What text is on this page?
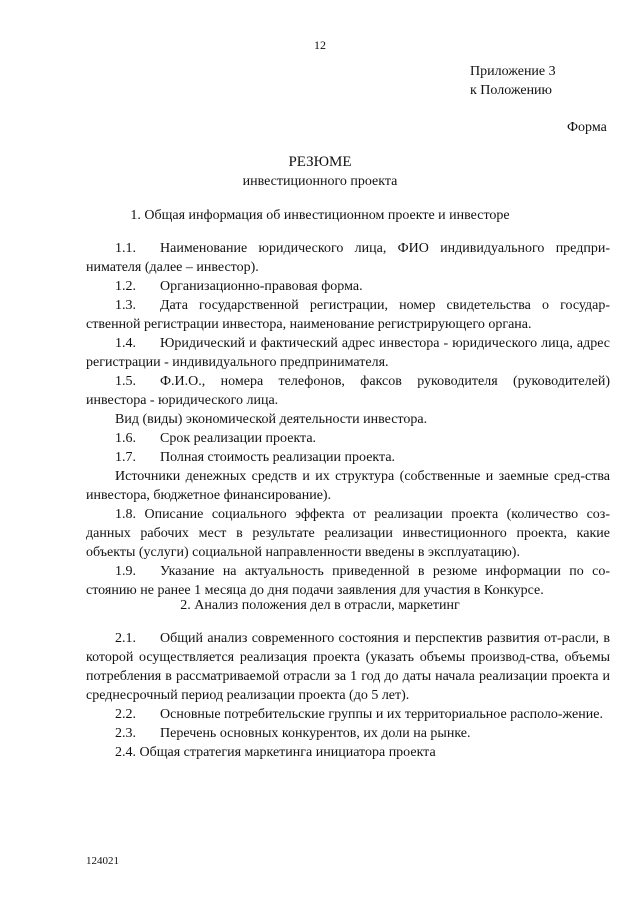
12
Приложение 3
к Положению
Форма
РЕЗЮМЕ
инвестиционного проекта
1. Общая информация об инвестиционном проекте и инвесторе

1.1. Наименование юридического лица, ФИО индивидуального предпри-нимателя (далее – инвестор).

1.2. Организационно-правовая форма.

1.3. Дата государственной регистрации, номер свидетельства о государ-ственной регистрации инвестора, наименование регистрирующего органа.

1.4. Юридический и фактический адрес инвестора - юридического лица, адрес регистрации - индивидуального предпринимателя.

1.5. Ф.И.О., номера телефонов, факсов руководителя (руководителей) инвестора - юридического лица.

Вид (виды) экономической деятельности инвестора.

1.6. Срок реализации проекта.

1.7. Полная стоимость реализации проекта.

Источники денежных средств и их структура (собственные и заемные сред-ства инвестора, бюджетное финансирование).

1.8. Описание социального эффекта от реализации проекта (количество соз-данных рабочих мест в результате реализации инвестиционного проекта, какие объекты (услуги) социальной направленности введены в эксплуатацию).

1.9. Указание на актуальность приведенной в резюме информации по со-стоянию не ранее 1 месяца до дня подачи заявления для участия в Конкурсе.

2. Анализ положения дел в отрасли, маркетинг

2.1. Общий анализ современного состояния и перспектив развития от-расли, в которой осуществляется реализация проекта (указать объемы производ-ства, объемы потребления в рассматриваемой отрасли за 1 год до даты начала реализации проекта и среднесрочный период реализации проекта (до 5 лет).

2.2. Основные потребительские группы и их территориальное располо-жение.

2.3. Перечень основных конкурентов, их доли на рынке.

2.4. Общая стратегия маркетинга инициатора проекта

124021
